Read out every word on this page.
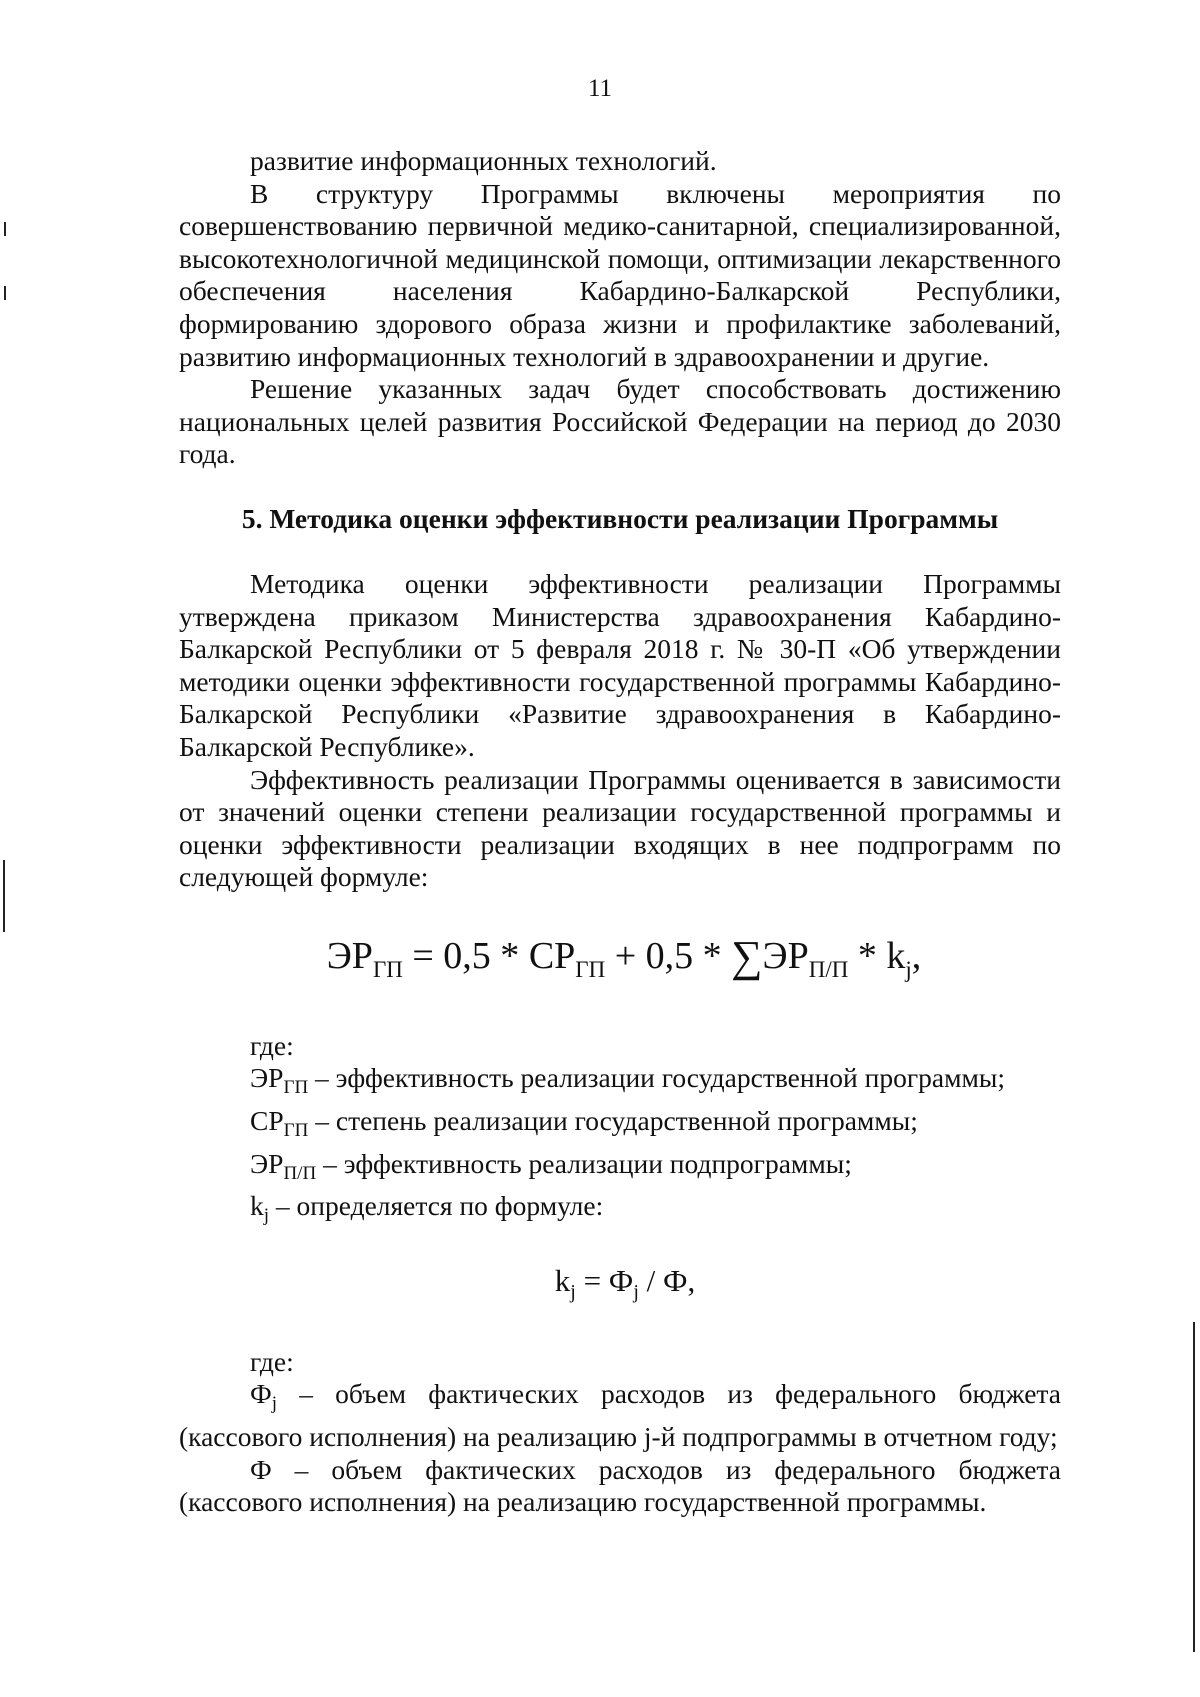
11

развитие информационных технологий.

В структуру Программы включены мероприятия по совершенствованию первичной медико-санитарной, специализированной, высокотехнологичной медицинской помощи, оптимизации лекарственного обеспечения населения Кабардино-Балкарской Республики, формированию здорового образа жизни и профилактике заболеваний, развитию информационных технологий в здравоохранении и другие.

Решение указанных задач будет способствовать достижению национальных целей развития Российской Федерации на период до 2030 года.

5. Методика оценки эффективности реализации Программы

Методика оценки эффективности реализации Программы утверждена приказом Министерства здравоохранения Кабардино-Балкарской Республики от 5 февраля 2018 г. № 30-П «Об утверждении методики оценки эффективности государственной программы Кабардино-Балкарской Республики «Развитие здравоохранения в Кабардино-Балкарской Республике».

Эффективность реализации Программы оценивается в зависимости от значений оценки степени реализации государственной программы и оценки эффективности реализации входящих в нее подпрограмм по следующей формуле:

$ЭР_{ГП} = 0,5 * СР_{ГП} + 0,5 * \sum ЭР_{П/П} * k_j$,

где:

$ЭР_{ГП}$ – эффективность реализации государственной программы;

$СР_{ГП}$ – степень реализации государственной программы;

$ЭР_{П/П}$ – эффективность реализации подпрограммы;

$k_j$ – определяется по формуле:

$k_j = Ф_j / Ф$,

где:

$Ф_j$ – объем фактических расходов из федерального бюджета (кассового исполнения) на реализацию j-й подпрограммы в отчетном году;

Ф – объем фактических расходов из федерального бюджета (кассового исполнения) на реализацию государственной программы.
